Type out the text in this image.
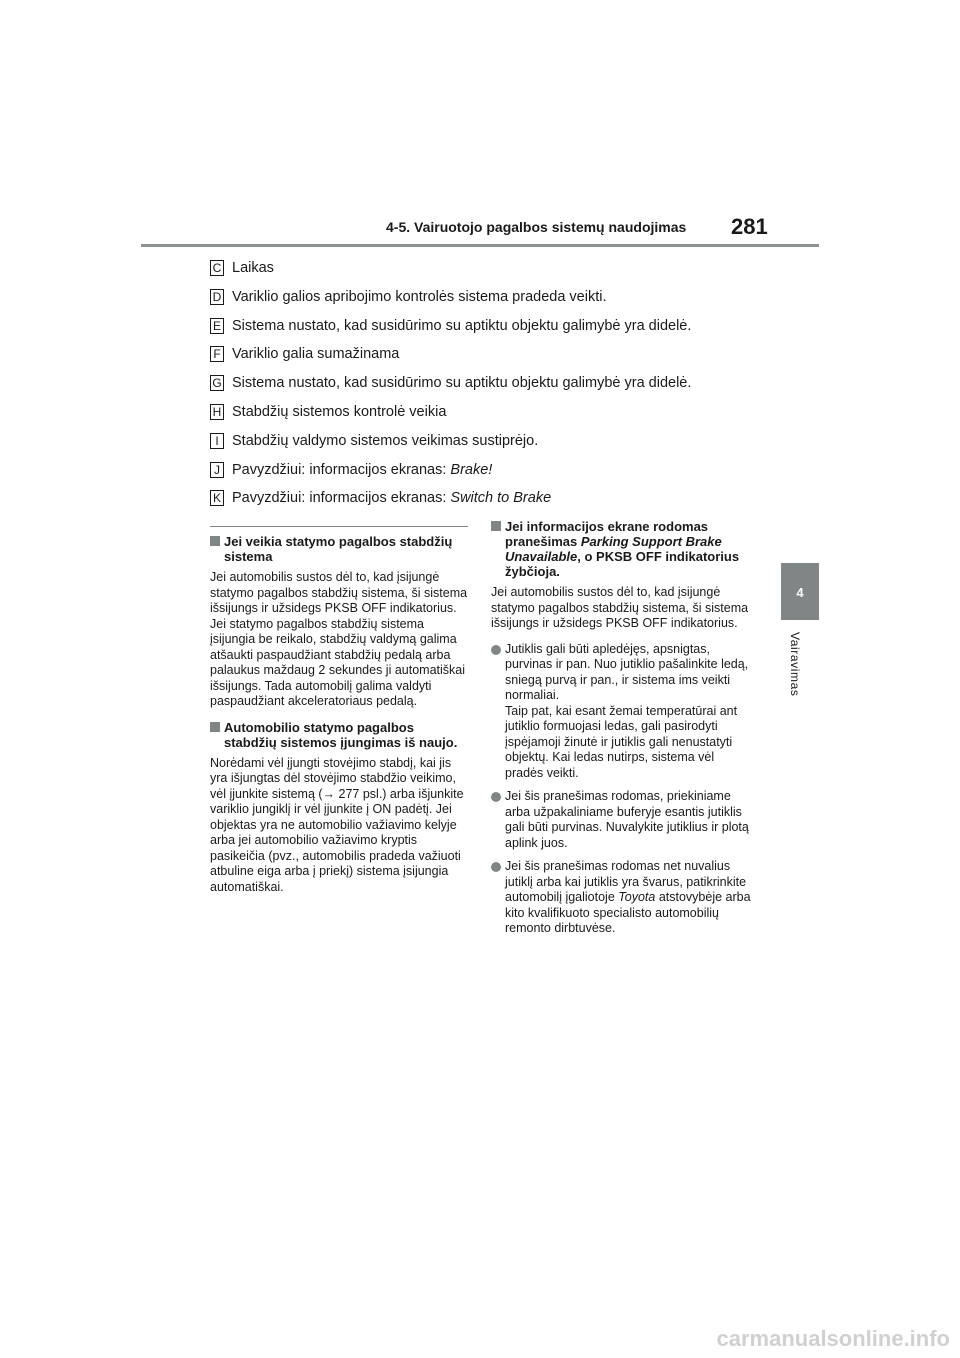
4-5. Vairuotojo pagalbos sistemų naudojimas 281
4
Vairavimas
C Laikas
D Variklio galios apribojimo kontrolės sistema pradeda veikti.
E Sistema nustato, kad susidūrimo su aptiktu objektu galimybė yra didelė.
F Variklio galia sumažinama
G Sistema nustato, kad susidūrimo su aptiktu objektu galimybė yra didelė.
H Stabdžių sistemos kontrolė veikia
I Stabdžių valdymo sistemos veikimas sustiprėjo.
J Pavyzdžiui: informacijos ekranas: Brake!
K Pavyzdžiui: informacijos ekranas: Switch to Brake
Jei veikia statymo pagalbos stabdžių sistema
Jei automobilis sustos dėl to, kad įsijungė statymo pagalbos stabdžių sistema, ši sistema išsijungs ir užsidegs PKSB OFF indikatorius. Jei statymo pagalbos stabdžių sistema įsijungia be reikalo, stabdžių valdymą galima atšaukti paspaudžiant stabdžių pedalą arba palaukus maždaug 2 sekundes ji automatiškai išsijungs. Tada automobilį galima valdyti paspaudžiant akceleratoriaus pedalą.
Automobilio statymo pagalbos stabdžių sistemos įjungimas iš naujo.
Norėdami vėl įjungti stovėjimo stabdį, kai jis yra išjungtas dėl stovėjimo stabdžio veikimo, vėl įjunkite sistemą (→ 277 psl.) arba išjunkite variklio jungiklį ir vėl įjunkite į ON padėtį. Jei objektas yra ne automobilio važiavimo kelyje arba jei automobilio važiavimo kryptis pasikeičia (pvz., automobilis pradeda važiuoti atbuline eiga arba į priekį) sistema įsijungia automatiškai.
Jei informacijos ekrane rodomas pranešimas Parking Support Brake Unavailable, o PKSB OFF indikatorius žybčioja.
Jei automobilis sustos dėl to, kad įsijungė statymo pagalbos stabdžių sistema, ši sistema išsijungs ir užsidegs PKSB OFF indikatorius.
Jutiklis gali būti apledėjęs, apsnigtas, purvinas ir pan. Nuo jutiklio pašalinkite ledą, sniegą purvą ir pan., ir sistema ims veikti normaliai.
Taip pat, kai esant žemai temperatūrai ant jutiklio formuojasi ledas, gali pasirodyti įspėjamoji žinutė ir jutiklis gali nenustatyti objektų. Kai ledas nutirps, sistema vėl pradės veikti.
Jei šis pranešimas rodomas, priekiniame arba užpakaliniame buferyje esantis jutiklis gali būti purvinas. Nuvalykite jutiklius ir plotą aplink juos.
Jei šis pranešimas rodomas net nuvalius jutiklį arba kai jutiklis yra švarus, patikrinkite automobilį įgaliotoje Toyota atstovybėje arba kito kvalifikuoto specialisto automobilių remonto dirbtuvėse.
carmanualsonline.info
